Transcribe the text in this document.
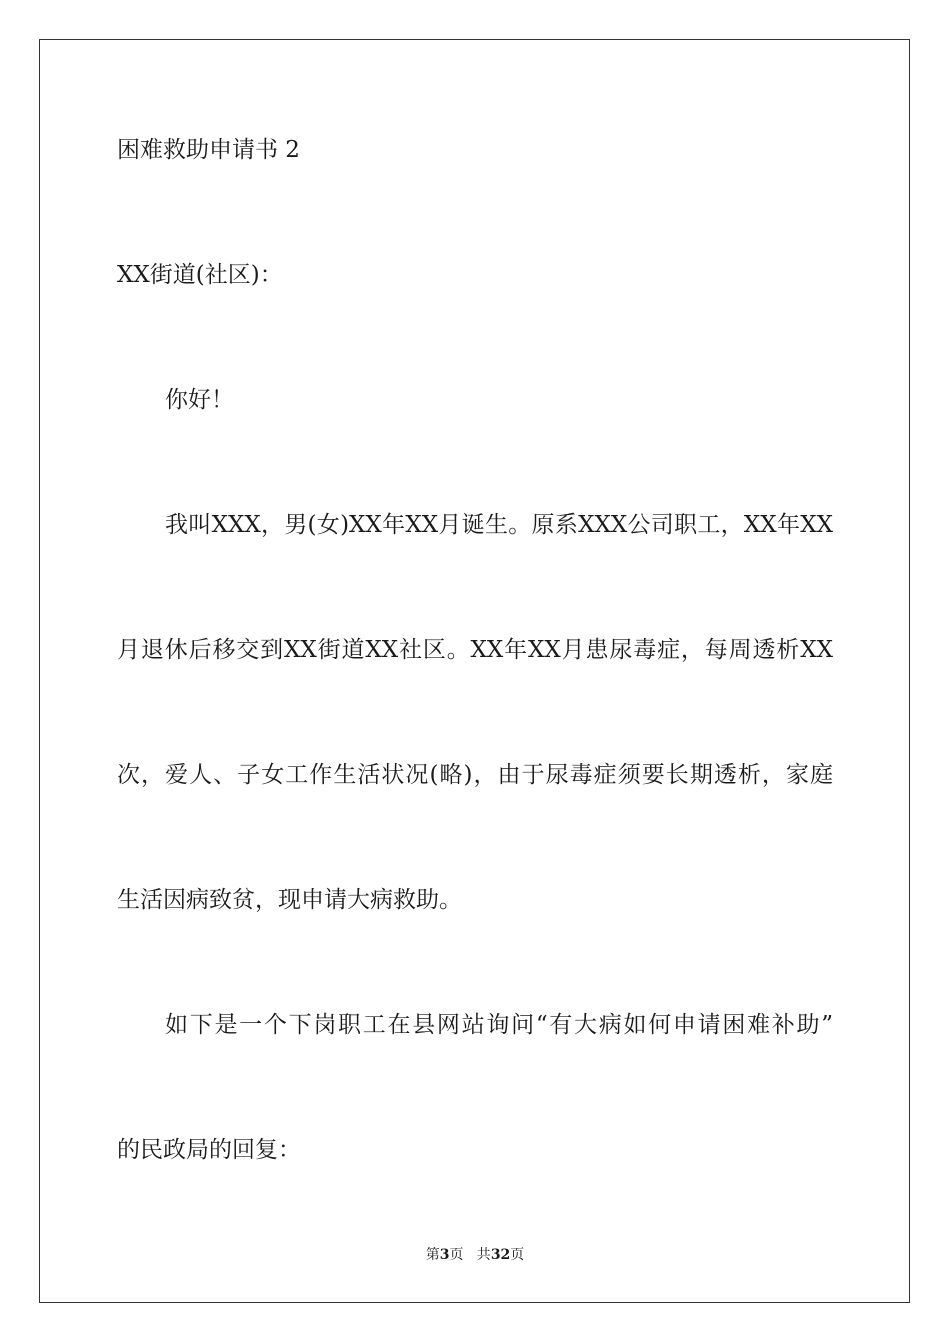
困难救助申请书 2
XX街道(社区)：
你好！
我叫XXX，男(女)XX年XX月诞生。原系XXX公司职工，XX年XX
月退休后移交到XX街道XX社区。XX年XX月患尿毒症，每周透析XX
次，爱人、子女工作生活状况(略)，由于尿毒症须要长期透析，家庭
生活因病致贫，现申请大病救助。
如下是一个下岗职工在县网站询问“有大病如何申请困难补助”
的民政局的回复：
第3页   共32页
